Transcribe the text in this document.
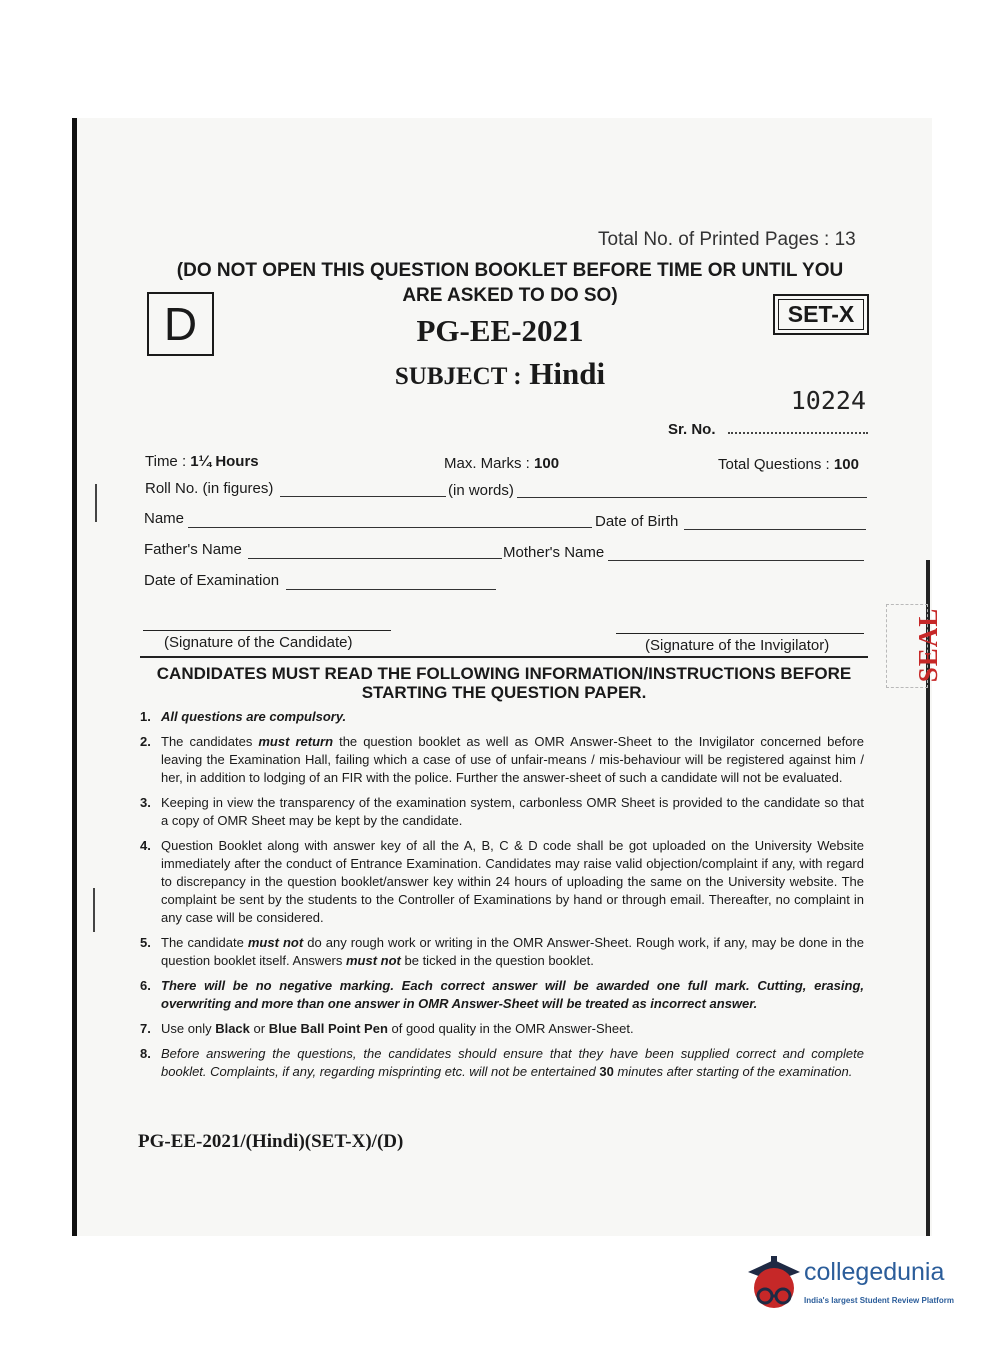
Total No. of Printed Pages : 13
(DO NOT OPEN THIS QUESTION BOOKLET BEFORE TIME OR UNTIL YOU
ARE ASKED TO DO SO)
D	SET-X
PG-EE-2021
SUBJECT : Hindi
10224
Sr. No.
Time : 1¼ Hours	Max. Marks : 100	Total Questions : 100
Roll No. (in figures)	(in words)
Name	Date of Birth
Father's Name	Mother's Name
Date of Examination
(Signature of the Candidate)	(Signature of the Invigilator)
CANDIDATES MUST READ THE FOLLOWING INFORMATION/INSTRUCTIONS BEFORE
STARTING THE QUESTION PAPER.
1. All questions are compulsory.
2. The candidates must return the question booklet as well as OMR Answer-Sheet to the Invigilator concerned before leaving the Examination Hall, failing which a case of use of unfair-means / mis-behaviour will be registered against him / her, in addition to lodging of an FIR with the police. Further the answer-sheet of such a candidate will not be evaluated.
3. Keeping in view the transparency of the examination system, carbonless OMR Sheet is provided to the candidate so that a copy of OMR Sheet may be kept by the candidate.
4. Question Booklet along with answer key of all the A, B, C & D code shall be got uploaded on the University Website immediately after the conduct of Entrance Examination. Candidates may raise valid objection/complaint if any, with regard to discrepancy in the question booklet/answer key within 24 hours of uploading the same on the University website. The complaint be sent by the students to the Controller of Examinations by hand or through email. Thereafter, no complaint in any case will be considered.
5. The candidate must not do any rough work or writing in the OMR Answer-Sheet. Rough work, if any, may be done in the question booklet itself. Answers must not be ticked in the question booklet.
6. There will be no negative marking. Each correct answer will be awarded one full mark. Cutting, erasing, overwriting and more than one answer in OMR Answer-Sheet will be treated as incorrect answer.
7. Use only Black or Blue Ball Point Pen of good quality in the OMR Answer-Sheet.
8. Before answering the questions, the candidates should ensure that they have been supplied correct and complete booklet. Complaints, if any, regarding misprinting etc. will not be entertained 30 minutes after starting of the examination.
PG-EE-2021/(Hindi)(SET-X)/(D)
SEAL
collegedunia
India's largest Student Review Platform
